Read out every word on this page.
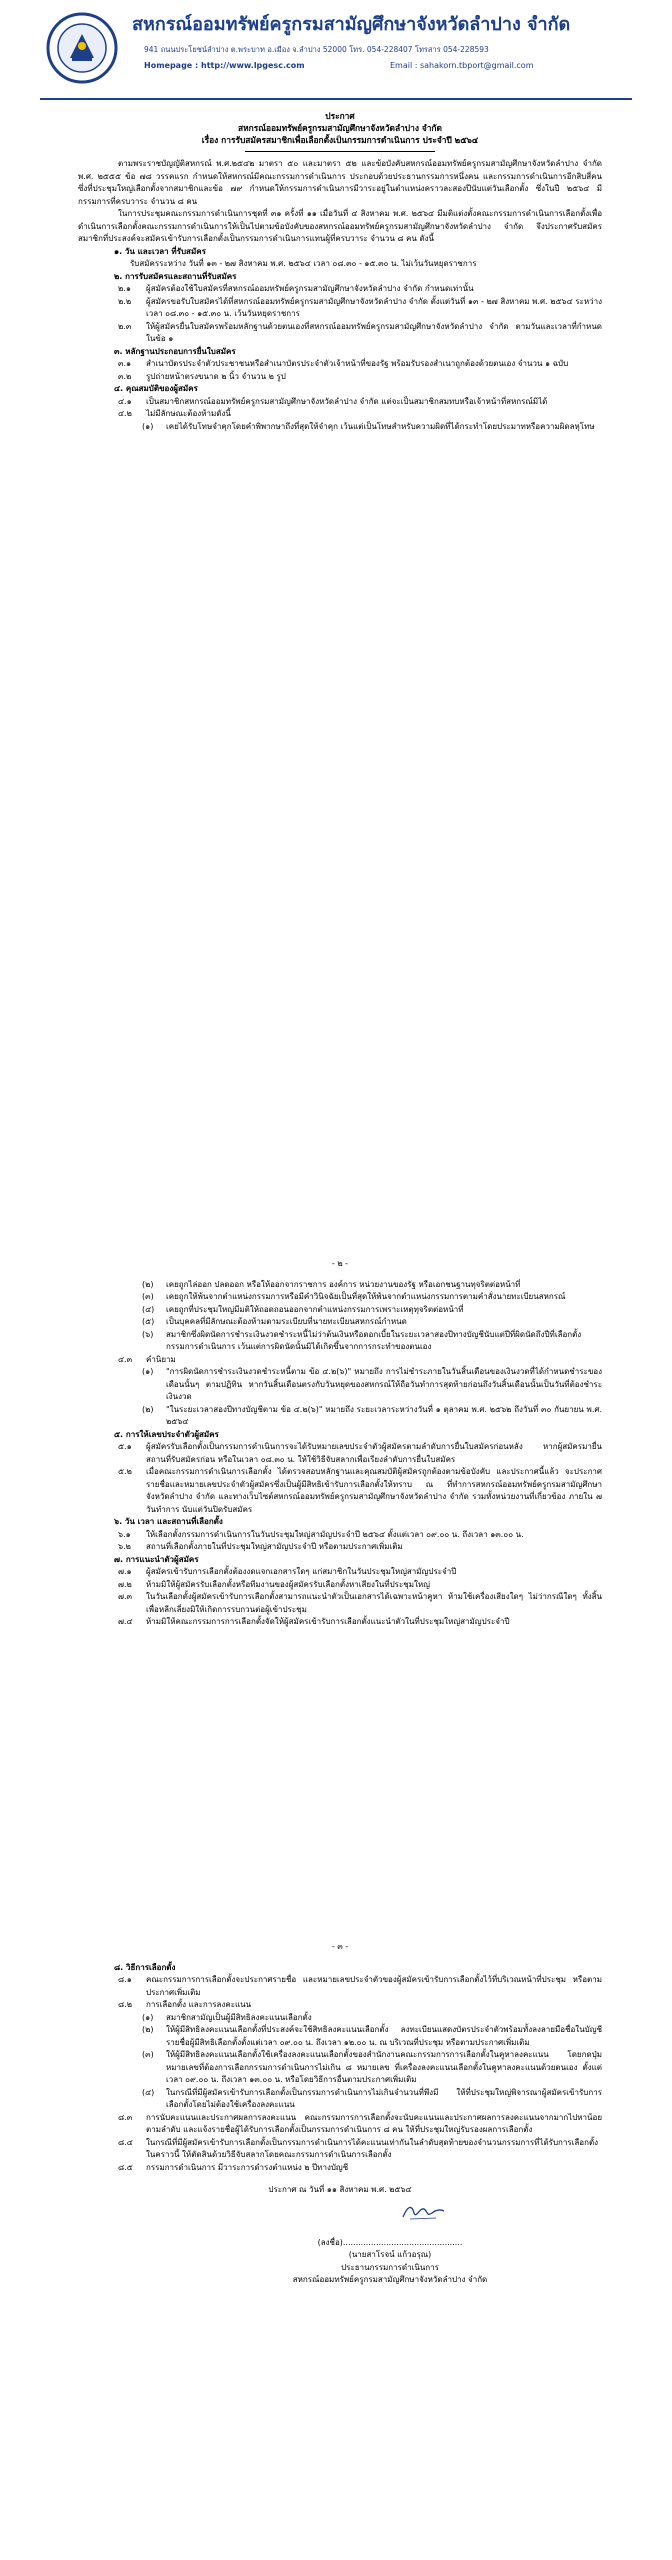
สหกรณ์ออมทรัพย์ครูกรมสามัญศึกษาจังหวัดลำปาง จำกัด
941 ถนนประโยชน์ลำปาง ต.พระบาท อ.เมือง จ.ลำปาง 52000 โทร. 054-228407 โทรสาร 054-228593
Homepage : http://www.lpgesc.com	Email : sahakorn.tbport@gmail.com
ประกาศ
สหกรณ์ออมทรัพย์ครูกรมสามัญศึกษาจังหวัดลำปาง จำกัด
เรื่อง การรับสมัครสมาชิกเพื่อเลือกตั้งเป็นกรรมการดำเนินการ ประจำปี ๒๕๖๔

ตามพระราชบัญญัติสหกรณ์ พ.ศ.๒๕๔๒ มาตรา ๕๐ และมาตรา ๕๒ และข้อบังคับสหกรณ์ออมทรัพย์ครูกรมสามัญศึกษาจังหวัดลำปาง จำกัด พ.ศ. ๒๕๕๕ ข้อ ๗๘ วรรคแรก กำหนดให้สหกรณ์มีคณะกรรมการดำเนินการ ประกอบด้วยประธานกรรมการหนึ่งคน และกรรมการดำเนินการอีกสิบสี่คน ซึ่งที่ประชุมใหญ่เลือกตั้งจากสมาชิกและข้อ ๗๙ กำหนดให้กรรมการดำเนินการมีวาระอยู่ในตำแหน่งคราวละสองปีนับแต่วันเลือกตั้ง ซึ่งในปี ๒๕๖๔ มีกรรมการที่ครบวาระ จำนวน ๘ คน

ในการประชุมคณะกรรมการดำเนินการชุดที่ ๓๑ ครั้งที่ ๑๑ เมื่อวันที่ ๔ สิงหาคม พ.ศ. ๒๕๖๔ มีมติแต่งตั้งคณะกรรมการดำเนินการเลือกตั้งเพื่อดำเนินการเลือกตั้งคณะกรรมการดำเนินการให้เป็นไปตามข้อบังคับของสหกรณ์ออมทรัพย์ครูกรมสามัญศึกษาจังหวัดลำปาง จำกัด จึงประกาศรับสมัครสมาชิกที่ประสงค์จะสมัครเข้ารับการเลือกตั้งเป็นกรรมการดำเนินการแทนผู้ที่ครบวาระ จำนวน ๘ คน ดังนี้

๑. วัน และเวลา ที่รับสมัคร
รับสมัครระหว่าง วันที่ ๑๓ - ๒๗ สิงหาคม พ.ศ. ๒๕๖๔ เวลา ๐๘.๓๐ - ๑๕.๓๐ น. ไม่เว้นวันหยุดราชการ
๒. การรับสมัครและสถานที่รับสมัคร
๒.๑ ผู้สมัครต้องใช้ใบสมัครที่สหกรณ์ออมทรัพย์ครูกรมสามัญศึกษาจังหวัดลำปาง จำกัด กำหนดเท่านั้น
๒.๒ ผู้สมัครขอรับใบสมัครได้ที่สหกรณ์ออมทรัพย์ครูกรมสามัญศึกษาจังหวัดลำปาง จำกัด ตั้งแต่วันที่ ๑๓ - ๒๗ สิงหาคม พ.ศ. ๒๕๖๔ ระหว่างเวลา ๐๘.๓๐ - ๑๕.๓๐ น. เว้นวันหยุดราชการ
๒.๓ ให้ผู้สมัครยื่นใบสมัครพร้อมหลักฐานด้วยตนเองที่สหกรณ์ออมทรัพย์ครูกรมสามัญศึกษาจังหวัดลำปาง จำกัด ตามวันและเวลาที่กำหนดในข้อ ๑
๓. หลักฐานประกอบการยื่นใบสมัคร
๓.๑ สำเนาบัตรประจำตัวประชาชนหรือสำเนาบัตรประจำตัวเจ้าหน้าที่ของรัฐ พร้อมรับรองสำเนาถูกต้องด้วยตนเอง จำนวน ๑ ฉบับ
๓.๒ รูปถ่ายหน้าตรงขนาด ๒ นิ้ว จำนวน ๒ รูป
๔. คุณสมบัติของผู้สมัคร
๔.๑ เป็นสมาชิกสหกรณ์ออมทรัพย์ครูกรมสามัญศึกษาจังหวัดลำปาง จำกัด แต่จะเป็นสมาชิกสมทบหรือเจ้าหน้าที่สหกรณ์มิได้
๔.๒ ไม่มีลักษณะต้องห้ามดังนี้
(๑) เคยได้รับโทษจำคุกโดยคำพิพากษาถึงที่สุดให้จำคุก เว้นแต่เป็นโทษสำหรับความผิดที่ได้กระทำโดยประมาทหรือความผิดลหุโทษ
- ๒ -
(๒) เคยถูกไล่ออก ปลดออก หรือให้ออกจากราชการ องค์การ หน่วยงานของรัฐ หรือเอกชนฐานทุจริตต่อหน้าที่
(๓) เคยถูกให้พ้นจากตำแหน่งกรรมการหรือมีคำวินิจฉัยเป็นที่สุดให้พ้นจากตำแหน่งกรรมการตามคำสั่งนายทะเบียนสหกรณ์
(๔) เคยถูกที่ประชุมใหญ่มีมติให้ถอดถอนออกจากตำแหน่งกรรมการเพราะเหตุทุจริตต่อหน้าที่
(๕) เป็นบุคคลที่มีลักษณะต้องห้ามตามระเบียบที่นายทะเบียนสหกรณ์กำหนด
(๖) สมาชิกซึ่งผิดนัดการชำระเงินงวดชำระหนี้ไม่ว่าต้นเงินหรือดอกเบี้ยในระยะเวลาสองปีทางบัญชีนับแต่ปีที่ผิดนัดถึงปีที่เลือกตั้งกรรมการดำเนินการ เว้นแต่การผิดนัดนั้นมิได้เกิดขึ้นจากการกระทำของตนเอง
๔.๓ คำนิยาม
(๑) "การผิดนัดการชำระเงินงวดชำระหนี้ตาม ข้อ ๔.๒(๖)" หมายถึง การไม่ชำระภายในวันสิ้นเดือนของเงินงวดที่ได้กำหนดชำระของเดือนนั้นๆ ตามปฏิทิน หากวันสิ้นเดือนตรงกับวันหยุดของสหกรณ์ให้ถือวันทำการสุดท้ายก่อนถึงวันสิ้นเดือนนั้นเป็นวันที่ต้องชำระเงินงวด
(๒) "ในระยะเวลาสองปีทางบัญชีตาม ข้อ ๔.๒(๖)" หมายถึง ระยะเวลาระหว่างวันที่ ๑ ตุลาคม พ.ศ. ๒๕๖๒ ถึงวันที่ ๓๐ กันยายน พ.ศ. ๒๕๖๔
๕. การให้เลขประจำตัวผู้สมัคร
๕.๑ ผู้สมัครรับเลือกตั้งเป็นกรรมการดำเนินการจะได้รับหมายเลขประจำตัวผู้สมัครตามลำดับการยื่นใบสมัครก่อนหลัง หากผู้สมัครมายื่นสถานที่รับสมัครก่อน หรือในเวลา ๐๘.๓๐ น. ให้ใช้วิธีจับสลากเพื่อเรียงลำดับการยื่นใบสมัคร
๕.๒ เมื่อคณะกรรมการดำเนินการเลือกตั้ง ได้ตรวจสอบหลักฐานและคุณสมบัติผู้สมัครถูกต้องตามข้อบังคับ และประกาศนี้แล้ว จะประกาศรายชื่อและหมายเลขประจำตัวผู้สมัครซึ่งเป็นผู้มีสิทธิเข้ารับการเลือกตั้งให้ทราบ ณ ที่ทำการสหกรณ์ออมทรัพย์ครูกรมสามัญศึกษาจังหวัดลำปาง จำกัด และทางเว็บไซต์สหกรณ์ออมทรัพย์ครูกรมสามัญศึกษาจังหวัดลำปาง จำกัด รวมทั้งหน่วยงานที่เกี่ยวข้อง ภายใน ๗ วันทำการ นับแต่วันปิดรับสมัคร
๖. วัน เวลา และสถานที่เลือกตั้ง
๖.๑ ให้เลือกตั้งกรรมการดำเนินการในวันประชุมใหญ่สามัญประจำปี ๒๕๖๔ ตั้งแต่เวลา ๐๙.๐๐ น. ถึงเวลา ๑๓.๐๐ น.
๖.๒ สถานที่เลือกตั้งภายในที่ประชุมใหญ่สามัญประจำปี หรือตามประกาศเพิ่มเติม
๗. การแนะนำตัวผู้สมัคร
๗.๑ ผู้สมัครเข้ารับการเลือกตั้งต้องงดแจกเอกสารใดๆ แก่สมาชิกในวันประชุมใหญ่สามัญประจำปี
๗.๒ ห้ามมิให้ผู้สมัครรับเลือกตั้งหรือทีมงานของผู้สมัครรับเลือกตั้งหาเสียงในที่ประชุมใหญ่
๗.๓ ในวันเลือกตั้งผู้สมัครเข้ารับการเลือกตั้งสามารถแนะนำตัวเป็นเอกสารได้เฉพาะหน้าคูหา ห้ามใช้เครื่องเสียงใดๆ ไม่ว่ากรณีใดๆ ทั้งสิ้น เพื่อหลีกเลี่ยงมิให้เกิดการรบกวนต่อผู้เข้าประชุม
๗.๔ ห้ามมิให้คณะกรรมการการเลือกตั้งจัดให้ผู้สมัครเข้ารับการเลือกตั้งแนะนำตัวในที่ประชุมใหญ่สามัญประจำปี
- ๓ -
๘. วิธีการเลือกตั้ง
๘.๑ คณะกรรมการการเลือกตั้งจะประกาศรายชื่อ และหมายเลขประจำตัวของผู้สมัครเข้ารับการเลือกตั้งไว้ที่บริเวณหน้าที่ประชุม หรือตามประกาศเพิ่มเติม
๘.๒ การเลือกตั้ง และการลงคะแนน
(๑) สมาชิกสามัญเป็นผู้มีสิทธิลงคะแนนเลือกตั้ง
(๒) ให้ผู้มีสิทธิลงคะแนนเลือกตั้งที่ประสงค์จะใช้สิทธิลงคะแนนเลือกตั้ง ลงทะเบียนแสดงบัตรประจำตัวพร้อมทั้งลงลายมือชื่อในบัญชีรายชื่อผู้มีสิทธิเลือกตั้งตั้งแต่เวลา ๐๙.๐๐ น. ถึงเวลา ๑๒.๐๐ น. ณ บริเวณที่ประชุม หรือตามประกาศเพิ่มเติม
(๓) ให้ผู้มีสิทธิลงคะแนนเลือกตั้งใช้เครื่องลงคะแนนเลือกตั้งของสำนักงานคณะกรรมการการเลือกตั้งในคูหาลงคะแนน โดยกดปุ่มหมายเลขที่ต้องการเลือกกรรมการดำเนินการไม่เกิน ๘ หมายเลข ที่เครื่องลงคะแนนเลือกตั้งในคูหาลงคะแนนด้วยตนเอง ตั้งแต่เวลา ๐๙.๐๐ น. ถึงเวลา ๑๓.๐๐ น. หรือโดยวิธีการอื่นตามประกาศเพิ่มเติม
(๔) ในกรณีที่มีผู้สมัครเข้ารับการเลือกตั้งเป็นกรรมการดำเนินการไม่เกินจำนวนที่พึงมี ให้ที่ประชุมใหญ่พิจารณาผู้สมัครเข้ารับการเลือกตั้งโดยไม่ต้องใช้เครื่องลงคะแนน
๘.๓ การนับคะแนนและประกาศผลการลงคะแนน คณะกรรมการการเลือกตั้งจะนับคะแนนและประกาศผลการลงคะแนนจากมากไปหาน้อยตามลำดับ และแจ้งรายชื่อผู้ได้รับการเลือกตั้งเป็นกรรมการดำเนินการ ๘ คน ให้ที่ประชุมใหญ่รับรองผลการเลือกตั้ง
๘.๔ ในกรณีที่มีผู้สมัครเข้ารับการเลือกตั้งเป็นกรรมการดำเนินการได้คะแนนเท่ากันในลำดับสุดท้ายของจำนวนกรรมการที่ได้รับการเลือกตั้งในคราวนี้ ให้ตัดสินด้วยวิธีจับสลากโดยคณะกรรมการดำเนินการเลือกตั้ง
๘.๕ กรรมการดำเนินการ มีวาระการดำรงตำแหน่ง ๒ ปีทางบัญชี
ประกาศ ณ วันที่ ๑๑ สิงหาคม พ.ศ. ๒๕๖๔
(ลงชื่อ)...............................................
(นายสาโรจน์ แก้วอรุณ)
ประธานกรรมการดำเนินการ
สหกรณ์ออมทรัพย์ครูกรมสามัญศึกษาจังหวัดลำปาง จำกัด
